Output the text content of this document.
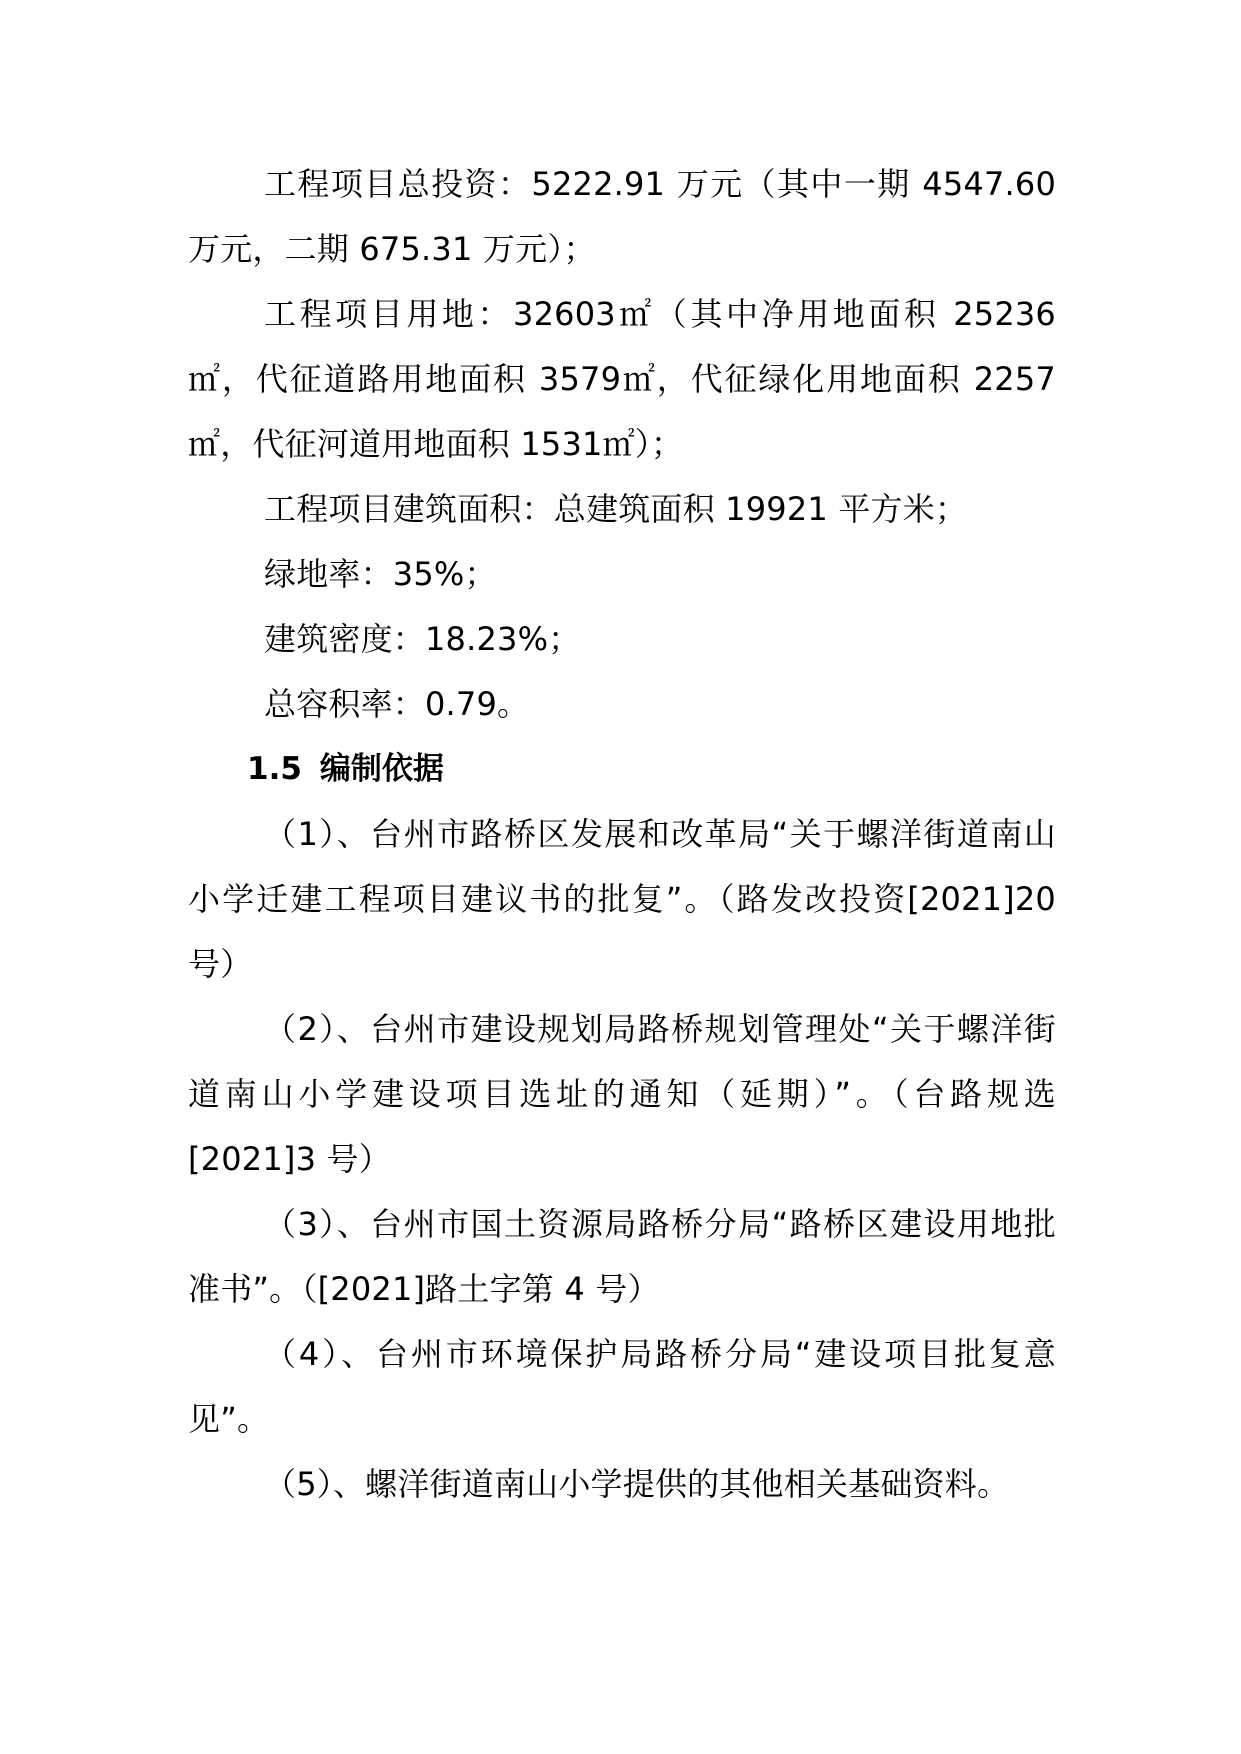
工程项目总投资：5222.91 万元（其中一期 4547.60 万元，二期 675.31 万元）；

工程项目用地：32603㎡（其中净用地面积 25236㎡，代征道路用地面积 3579㎡，代征绿化用地面积 2257㎡，代征河道用地面积 1531㎡）；

工程项目建筑面积：总建筑面积 19921 平方米；

绿地率：35%；

建筑密度：18.23%；

总容积率：0.79。

1.5 编制依据

（1）、台州市路桥区发展和改革局“关于螺洋街道南山小学迁建工程项目建议书的批复”。（路发改投资[2021]20 号）

（2）、台州市建设规划局路桥规划管理处“关于螺洋街道南山小学建设项目选址的通知（延期）”。（台路规选[2021]3 号）

（3）、台州市国土资源局路桥分局“路桥区建设用地批准书”。（[2021]路土字第 4 号）

（4）、台州市环境保护局路桥分局“建设项目批复意见”。

（5）、螺洋街道南山小学提供的其他相关基础资料。
